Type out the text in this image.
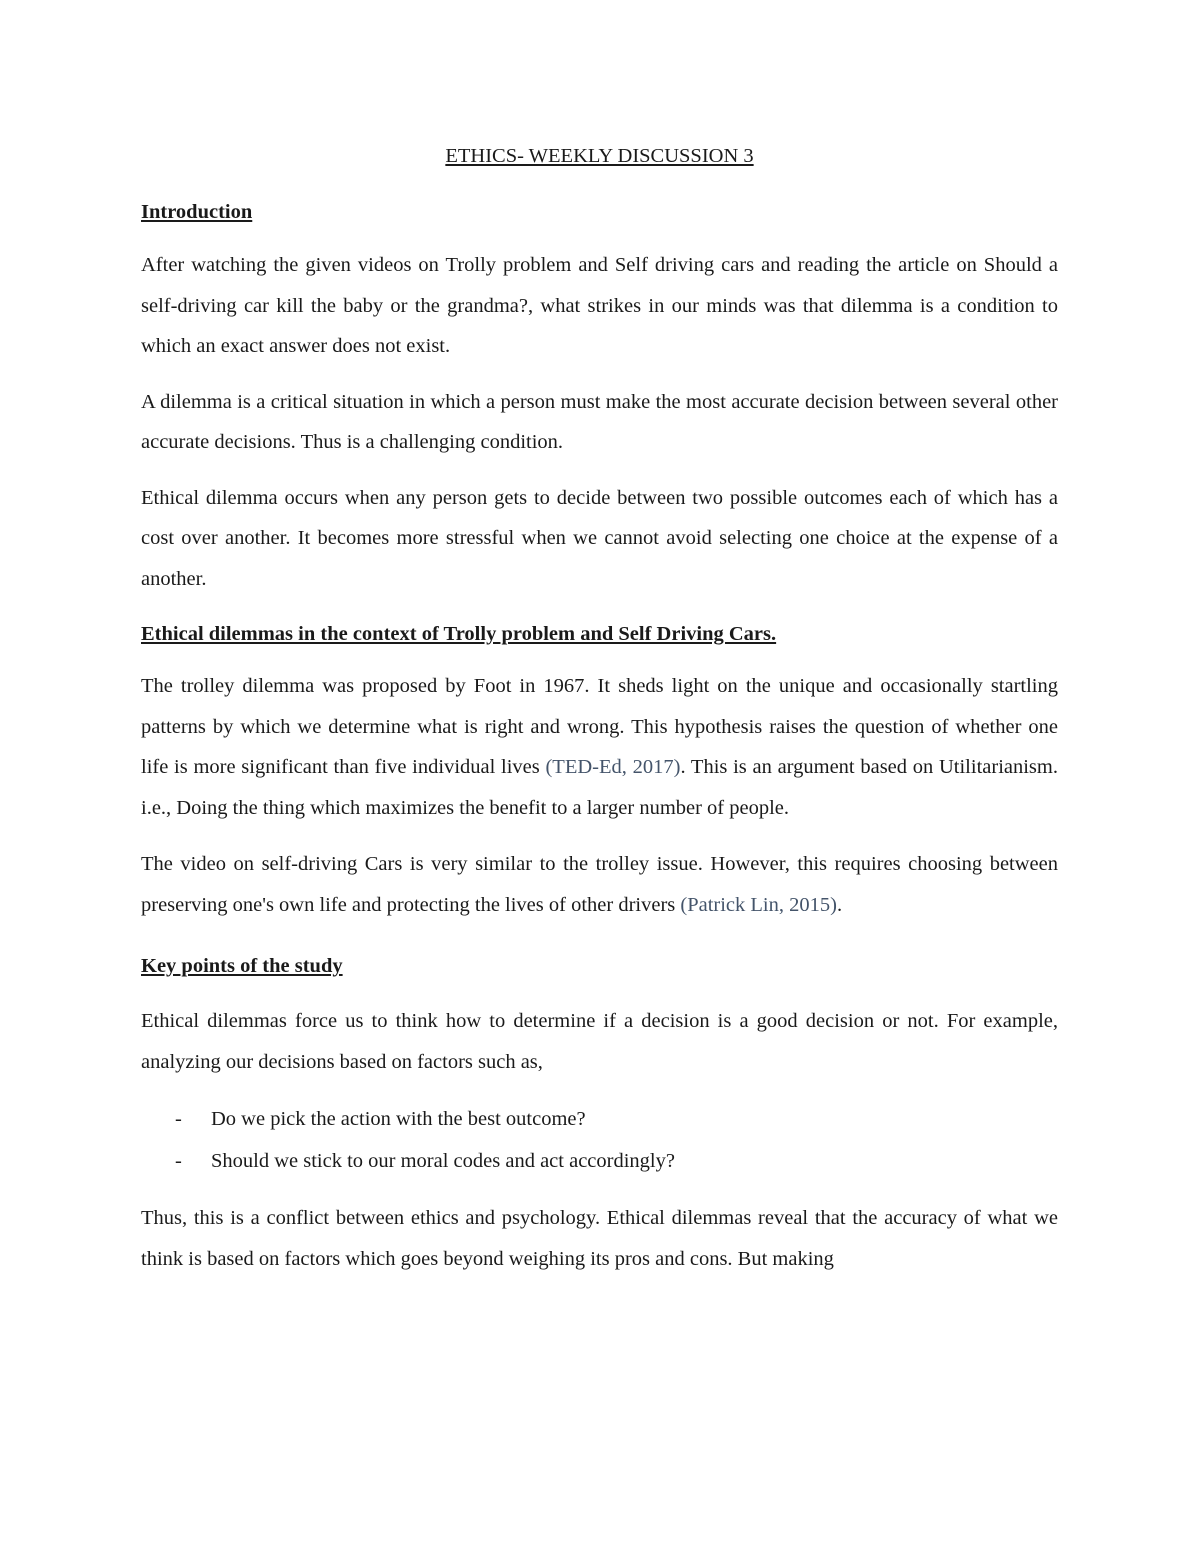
ETHICS- WEEKLY DISCUSSION 3

Introduction

After watching the given videos on Trolly problem and Self driving cars and reading the article on Should a self-driving car kill the baby or the grandma?, what strikes in our minds was that dilemma is a condition to which an exact answer does not exist.

A dilemma is a critical situation in which a person must make the most accurate decision between several other accurate decisions. Thus is a challenging condition.

Ethical dilemma occurs when any person gets to decide between two possible outcomes each of which has a cost over another. It becomes more stressful when we cannot avoid selecting one choice at the expense of a another.

Ethical dilemmas in the context of Trolly problem and Self Driving Cars.

The trolley dilemma was proposed by Foot in 1967. It sheds light on the unique and occasionally startling patterns by which we determine what is right and wrong. This hypothesis raises the question of whether one life is more significant than five individual lives (TED-Ed, 2017). This is an argument based on Utilitarianism. i.e., Doing the thing which maximizes the benefit to a larger number of people.

The video on self-driving Cars is very similar to the trolley issue. However, this requires choosing between preserving one's own life and protecting the lives of other drivers (Patrick Lin, 2015).

Key points of the study

Ethical dilemmas force us to think how to determine if a decision is a good decision or not. For example, analyzing our decisions based on factors such as,

- Do we pick the action with the best outcome?
- Should we stick to our moral codes and act accordingly?

Thus, this is a conflict between ethics and psychology. Ethical dilemmas reveal that the accuracy of what we think is based on factors which goes beyond weighing its pros and cons. But making
